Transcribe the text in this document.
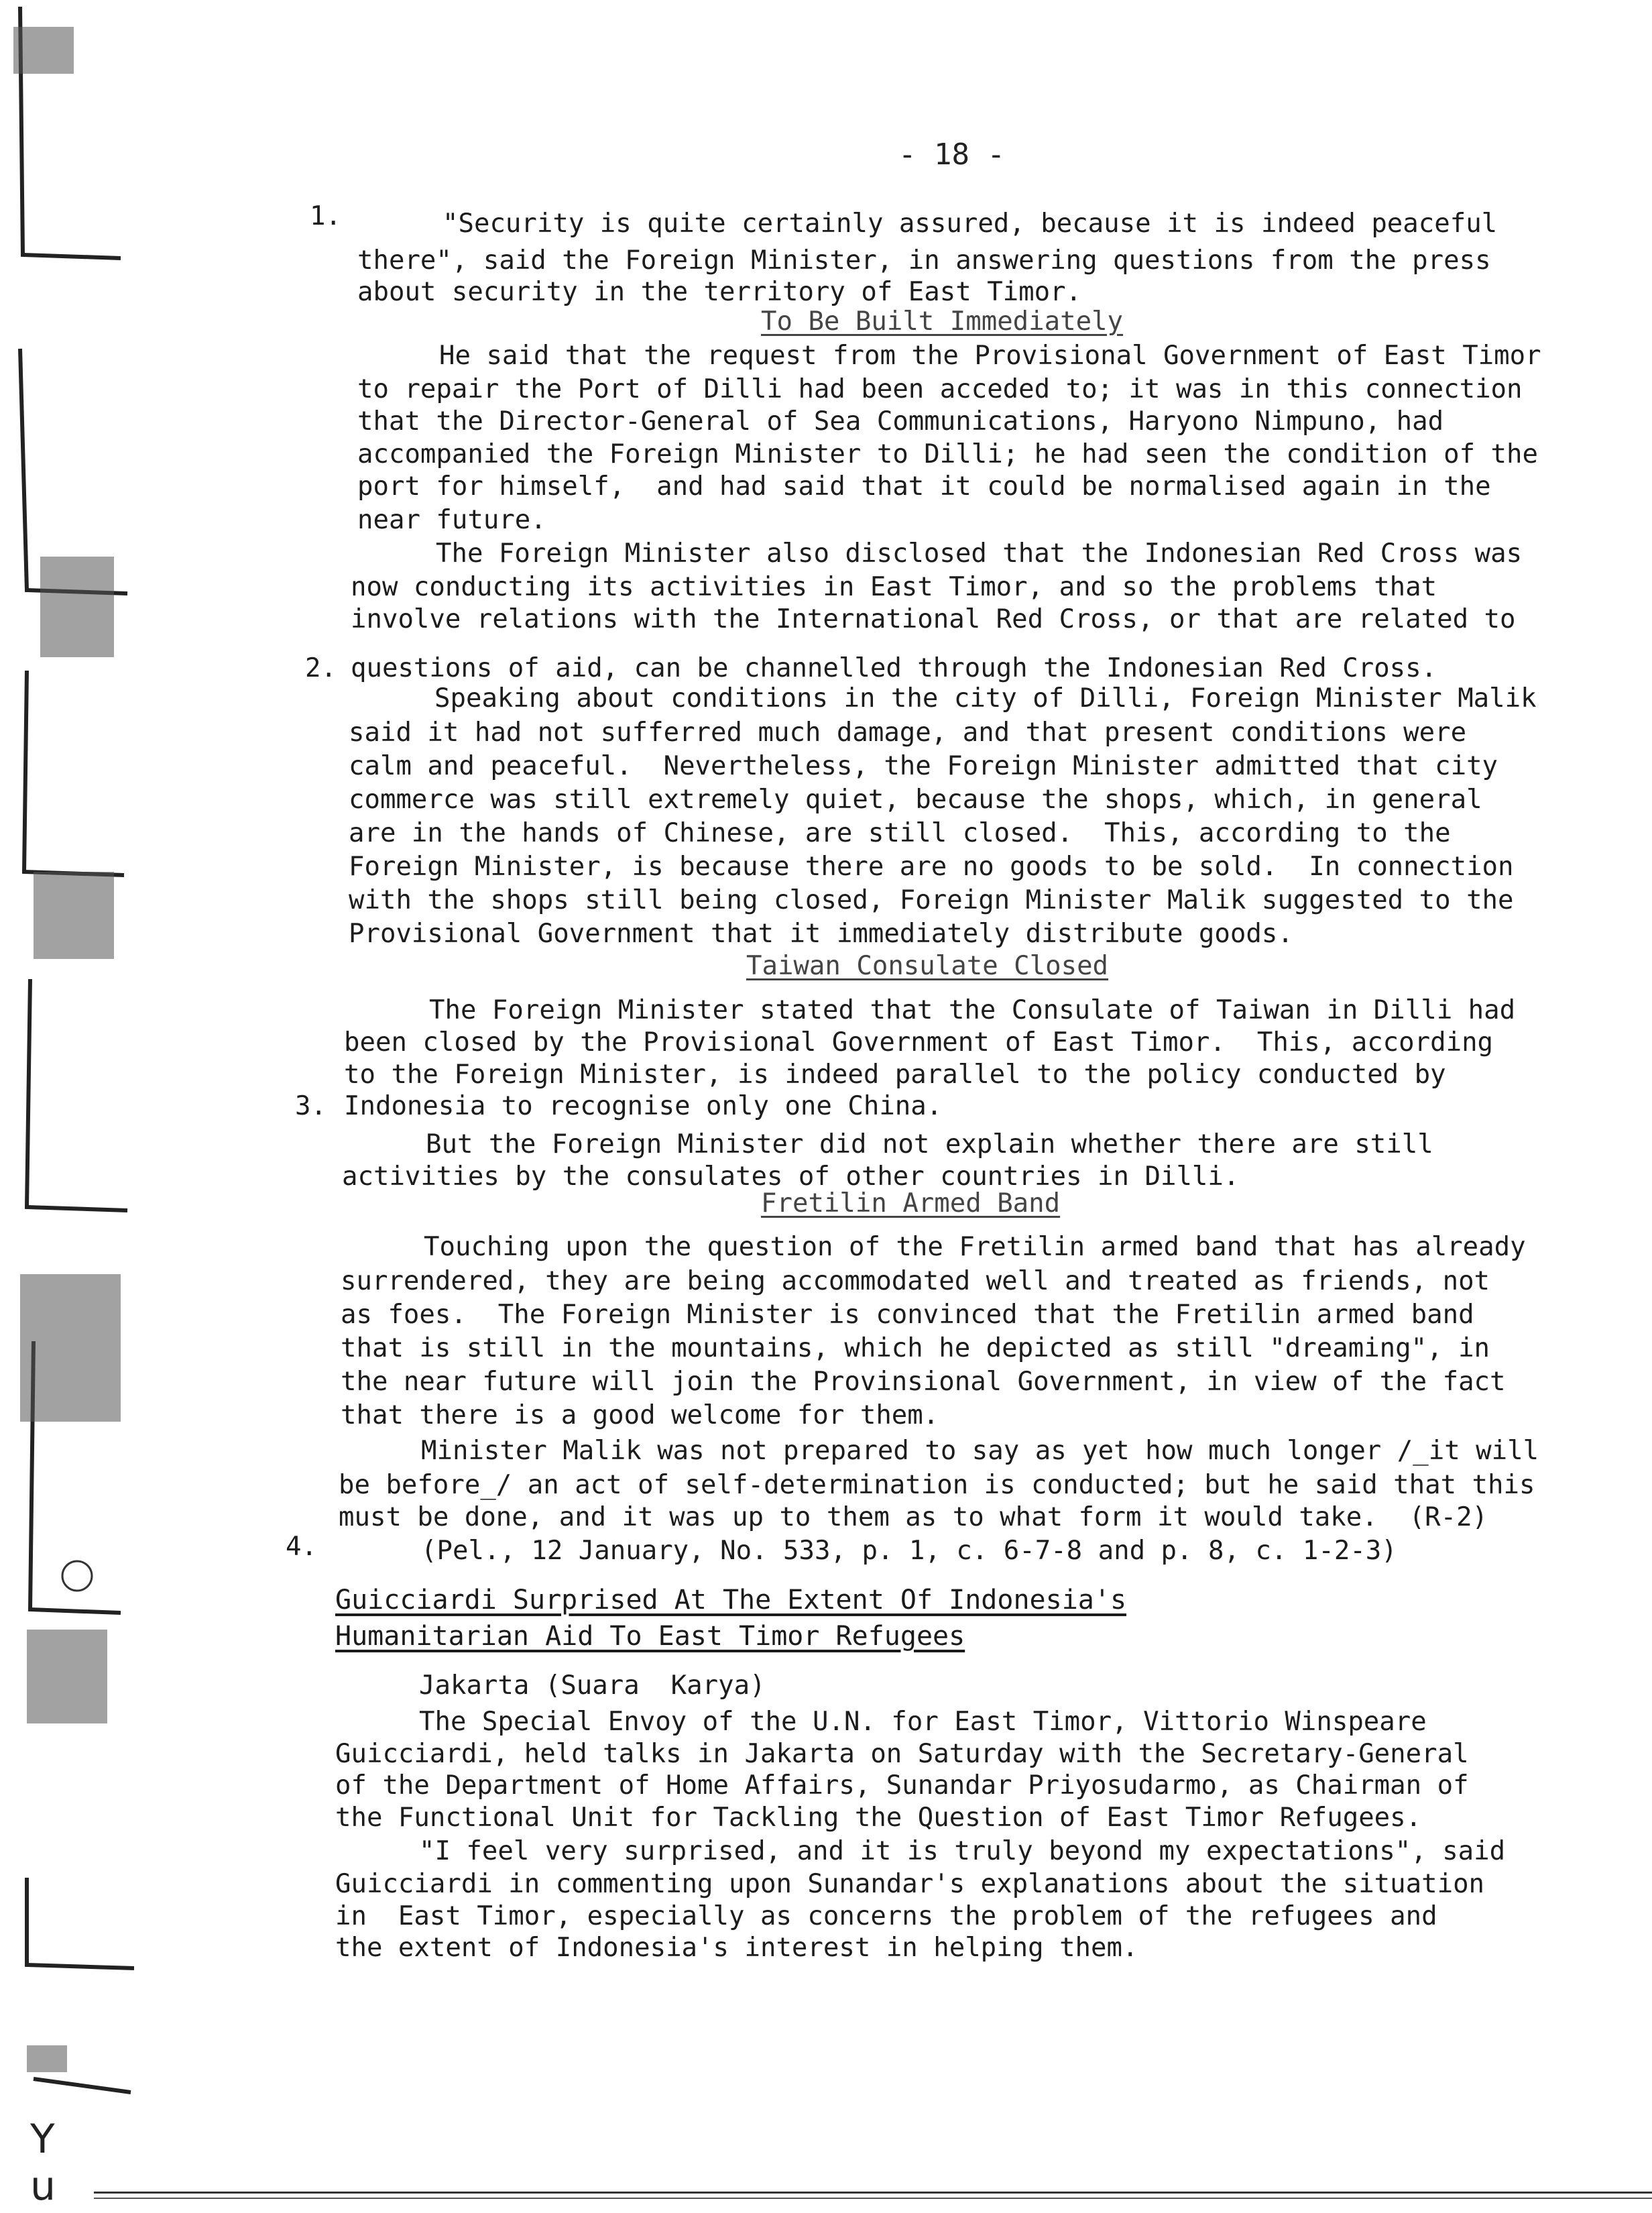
Y
u
- 18 -
1.
2.
3.
4.
"Security is quite certainly assured, because it is indeed peaceful
there", said the Foreign Minister, in answering questions from the press
about security in the territory of East Timor.
To Be Built Immediately
He said that the request from the Provisional Government of East Timor
to repair the Port of Dilli had been acceded to; it was in this connection
that the Director-General of Sea Communications, Haryono Nimpuno, had
accompanied the Foreign Minister to Dilli; he had seen the condition of the
port for himself,  and had said that it could be normalised again in the
near future.
The Foreign Minister also disclosed that the Indonesian Red Cross was
now conducting its activities in East Timor, and so the problems that
involve relations with the International Red Cross, or that are related to
questions of aid, can be channelled through the Indonesian Red Cross.
Speaking about conditions in the city of Dilli, Foreign Minister Malik
said it had not sufferred much damage, and that present conditions were
calm and peaceful.  Nevertheless, the Foreign Minister admitted that city
commerce was still extremely quiet, because the shops, which, in general
are in the hands of Chinese, are still closed.  This, according to the
Foreign Minister, is because there are no goods to be sold.  In connection
with the shops still being closed, Foreign Minister Malik suggested to the
Provisional Government that it immediately distribute goods.
Taiwan Consulate Closed
The Foreign Minister stated that the Consulate of Taiwan in Dilli had
been closed by the Provisional Government of East Timor.  This, according
to the Foreign Minister, is indeed parallel to the policy conducted by
Indonesia to recognise only one China.
But the Foreign Minister did not explain whether there are still
activities by the consulates of other countries in Dilli.
Fretilin Armed Band
Touching upon the question of the Fretilin armed band that has already
surrendered, they are being accommodated well and treated as friends, not
as foes.  The Foreign Minister is convinced that the Fretilin armed band
that is still in the mountains, which he depicted as still "dreaming", in
the near future will join the Provinsional Government, in view of the fact
that there is a good welcome for them.
Minister Malik was not prepared to say as yet how much longer /_it will
be before_/ an act of self-determination is conducted; but he said that this
must be done, and it was up to them as to what form it would take.  (R-2)
(Pel., 12 January, No. 533, p. 1, c. 6-7-8 and p. 8, c. 1-2-3)
Guicciardi Surprised At The Extent Of Indonesia's
Humanitarian Aid To East Timor Refugees
Jakarta (Suara  Karya)
The Special Envoy of the U.N. for East Timor, Vittorio Winspeare
Guicciardi, held talks in Jakarta on Saturday with the Secretary-General
of the Department of Home Affairs, Sunandar Priyosudarmo, as Chairman of
the Functional Unit for Tackling the Question of East Timor Refugees.
"I feel very surprised, and it is truly beyond my expectations", said
Guicciardi in commenting upon Sunandar's explanations about the situation
in  East Timor, especially as concerns the problem of the refugees and
the extent of Indonesia's interest in helping them.
